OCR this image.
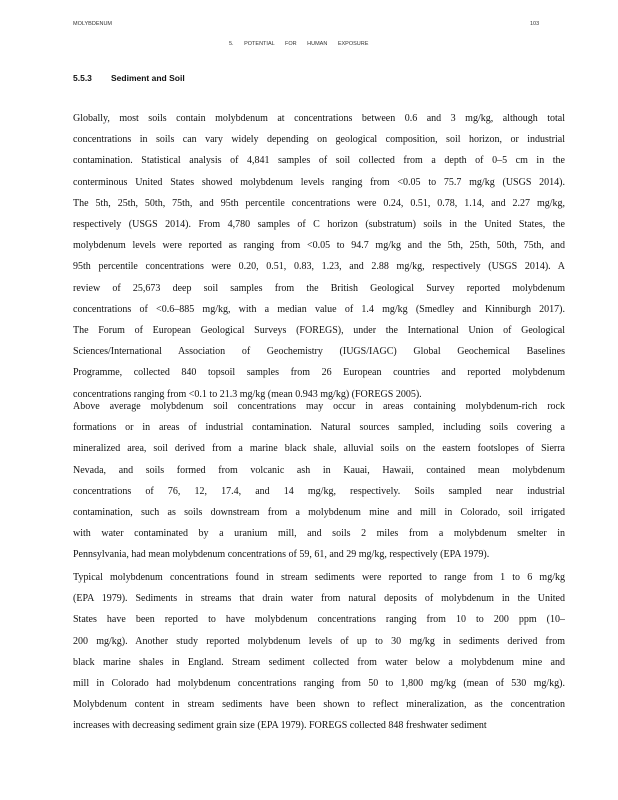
MOLYBDENUM	103
5. POTENTIAL FOR HUMAN EXPOSURE
5.5.3 Sediment and Soil
Globally, most soils contain molybdenum at concentrations between 0.6 and 3 mg/kg, although total
concentrations in soils can vary widely depending on geological composition, soil horizon, or industrial
contamination. Statistical analysis of 4,841 samples of soil collected from a depth of 0–5 cm in the
conterminous United States showed molybdenum levels ranging from <0.05 to 75.7 mg/kg (USGS 2014).
The 5th, 25th, 50th, 75th, and 95th percentile concentrations were 0.24, 0.51, 0.78, 1.14, and 2.27 mg/kg,
respectively (USGS 2014). From 4,780 samples of C horizon (substratum) soils in the United States, the
molybdenum levels were reported as ranging from <0.05 to 94.7 mg/kg and the 5th, 25th, 50th, 75th, and
95th percentile concentrations were 0.20, 0.51, 0.83, 1.23, and 2.88 mg/kg, respectively (USGS 2014). A
review of 25,673 deep soil samples from the British Geological Survey reported molybdenum
concentrations of <0.6–885 mg/kg, with a median value of 1.4 mg/kg (Smedley and Kinniburgh 2017).
The Forum of European Geological Surveys (FOREGS), under the International Union of Geological
Sciences/International Association of Geochemistry (IUGS/IAGC) Global Geochemical Baselines
Programme, collected 840 topsoil samples from 26 European countries and reported molybdenum
concentrations ranging from <0.1 to 21.3 mg/kg (mean 0.943 mg/kg) (FOREGS 2005).
Above average molybdenum soil concentrations may occur in areas containing molybdenum-rich rock
formations or in areas of industrial contamination. Natural sources sampled, including soils covering a
mineralized area, soil derived from a marine black shale, alluvial soils on the eastern footslopes of Sierra
Nevada, and soils formed from volcanic ash in Kauai, Hawaii, contained mean molybdenum
concentrations of 76, 12, 17.4, and 14 mg/kg, respectively. Soils sampled near industrial
contamination, such as soils downstream from a molybdenum mine and mill in Colorado, soil irrigated
with water contaminated by a uranium mill, and soils 2 miles from a molybdenum smelter in
Pennsylvania, had mean molybdenum concentrations of 59, 61, and 29 mg/kg, respectively (EPA 1979).
Typical molybdenum concentrations found in stream sediments were reported to range from 1 to 6 mg/kg
(EPA 1979). Sediments in streams that drain water from natural deposits of molybdenum in the United
States have been reported to have molybdenum concentrations ranging from 10 to 200 ppm (10–
200 mg/kg). Another study reported molybdenum levels of up to 30 mg/kg in sediments derived from
black marine shales in England. Stream sediment collected from water below a molybdenum mine and
mill in Colorado had molybdenum concentrations ranging from 50 to 1,800 mg/kg (mean of 530 mg/kg).
Molybdenum content in stream sediments have been shown to reflect mineralization, as the concentration
increases with decreasing sediment grain size (EPA 1979). FOREGS collected 848 freshwater sediment
